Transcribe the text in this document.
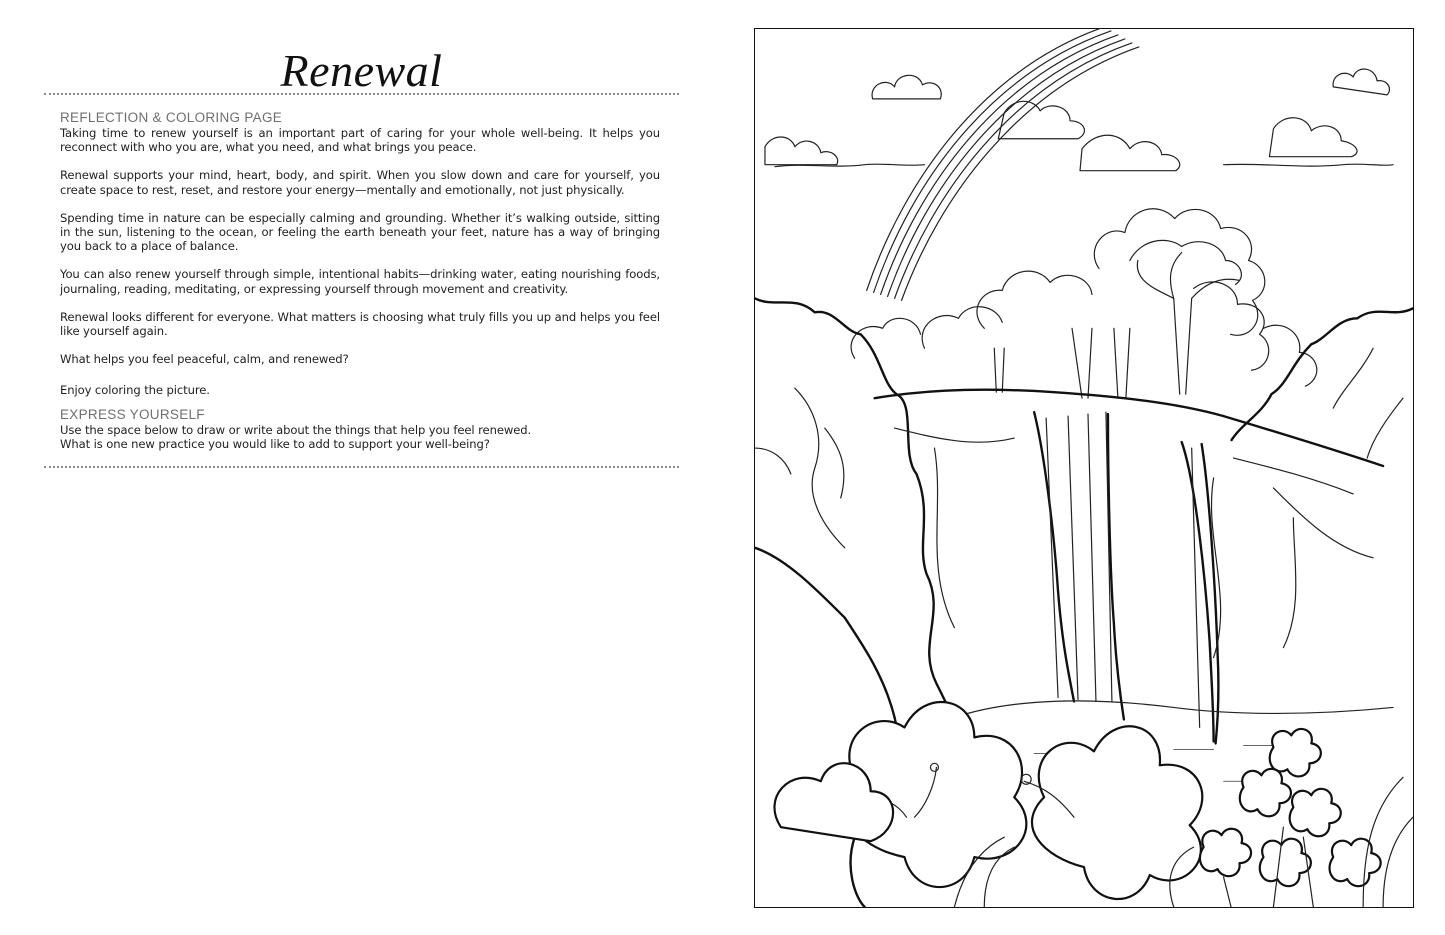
Renewal
REFLECTION & COLORING PAGE
Taking time to renew yourself is an important part of caring for your whole well-being. It helps you reconnect with who you are, what you need, and what brings you peace.
Renewal supports your mind, heart, body, and spirit. When you slow down and care for yourself, you create space to rest, reset, and restore your energy—mentally and emotionally, not just physically.
Spending time in nature can be especially calming and grounding. Whether it’s walking outside, sitting in the sun, listening to the ocean, or feeling the earth beneath your feet, nature has a way of bringing you back to a place of balance.
You can also renew yourself through simple, intentional habits—drinking water, eating nourishing foods, journaling, reading, meditating, or expressing yourself through movement and creativity.
Renewal looks different for everyone. What matters is choosing what truly fills you up and helps you feel like yourself again.
What helps you feel peaceful, calm, and renewed?
Enjoy coloring the picture.
EXPRESS YOURSELF
Use the space below to draw or write about the things that help you feel renewed.
What is one new practice you would like to add to support your well-being?
